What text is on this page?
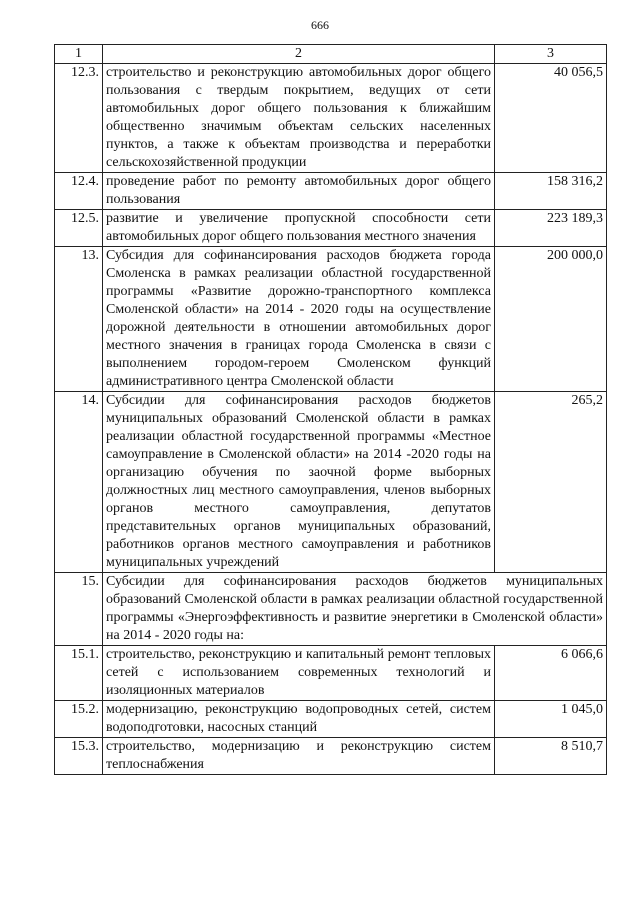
666
1	2	3
12.3.	строительство и реконструкцию автомобильных дорог общего пользования с твердым покрытием, ведущих от сети автомобильных дорог общего пользования к ближайшим общественно значимым объектам сельских населенных пунктов, а также к объектам производства и переработки сельскохозяйственной продукции	40 056,5
12.4.	проведение работ по ремонту автомобильных дорог общего пользования	158 316,2
12.5.	развитие и увеличение пропускной способности сети автомобильных дорог общего пользования местного значения	223 189,3
13.	Субсидия для софинансирования расходов бюджета города Смоленска в рамках реализации областной государственной программы «Развитие дорожно-транспортного комплекса Смоленской области» на 2014 - 2020 годы на осуществление дорожной деятельности в отношении автомобильных дорог местного значения в границах города Смоленска в связи с выполнением городом-героем Смоленском функций административного центра Смоленской области	200 000,0
14.	Субсидии для софинансирования расходов бюджетов муниципальных образований Смоленской области в рамках реализации областной государственной программы «Местное самоуправление в Смоленской области» на 2014 -2020 годы на организацию обучения по заочной форме выборных должностных лиц местного самоуправления, членов выборных органов местного самоуправления, депутатов представительных органов муниципальных образований, работников органов местного самоуправления и работников муниципальных учреждений	265,2
15.	Субсидии для софинансирования расходов бюджетов муниципальных образований Смоленской области в рамках реализации областной государственной программы «Энергоэффективность и развитие энергетики в Смоленской области» на 2014 - 2020 годы на:	
15.1.	строительство, реконструкцию и капитальный ремонт тепловых сетей с использованием современных технологий и изоляционных материалов	6 066,6
15.2.	модернизацию, реконструкцию водопроводных сетей, систем водоподготовки, насосных станций	1 045,0
15.3.	строительство, модернизацию и реконструкцию систем теплоснабжения	8 510,7
